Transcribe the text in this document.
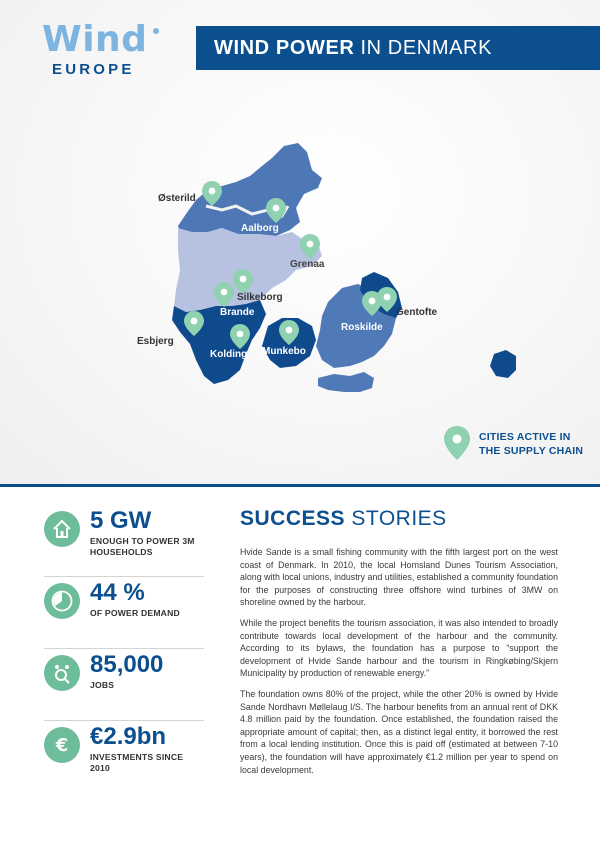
Wind
EUROPE
WIND POWER IN DENMARK
Østerild
Aalborg
Grenaa
Silkeborg
Brande
Esbjerg
Kolding Munkebo
Roskilde
Gentofte
CITIES ACTIVE IN
THE SUPPLY CHAIN
5 GW
ENOUGH TO POWER 3M HOUSEHOLDS
44 %
OF POWER DEMAND
85,000
JOBS
€ €2.9bn
INVESTMENTS SINCE 2010
SUCCESS STORIES

Hvide Sande is a small fishing community with the fifth largest port on the west coast of Denmark. In 2010, the local Homsland Dunes Tourism Association, along with local unions, industry and utilities, established a community foundation for the purposes of constructing three offshore wind turbines of 3MW on shoreline owned by the harbour.

While the project benefits the tourism association, it was also intended to broadly contribute towards local development of the harbour and the community. According to its bylaws, the foundation has a purpose to “support the development of Hvide Sande harbour and the tourism in Ringkøbing/Skjern Municipality by production of renewable energy.”

The foundation owns 80% of the project, while the other 20% is owned by Hvide Sande Nordhavn Møllelaug I/S. The harbour benefits from an annual rent of DKK 4.8 million paid by the foundation. Once established, the foundation raised the appropriate amount of capital; then, as a distinct legal entity, it borrowed the rest from a local lending institution. Once this is paid off (estimated at between 7-10 years), the foundation will have approximately €1.2 million per year to spend on local development.
